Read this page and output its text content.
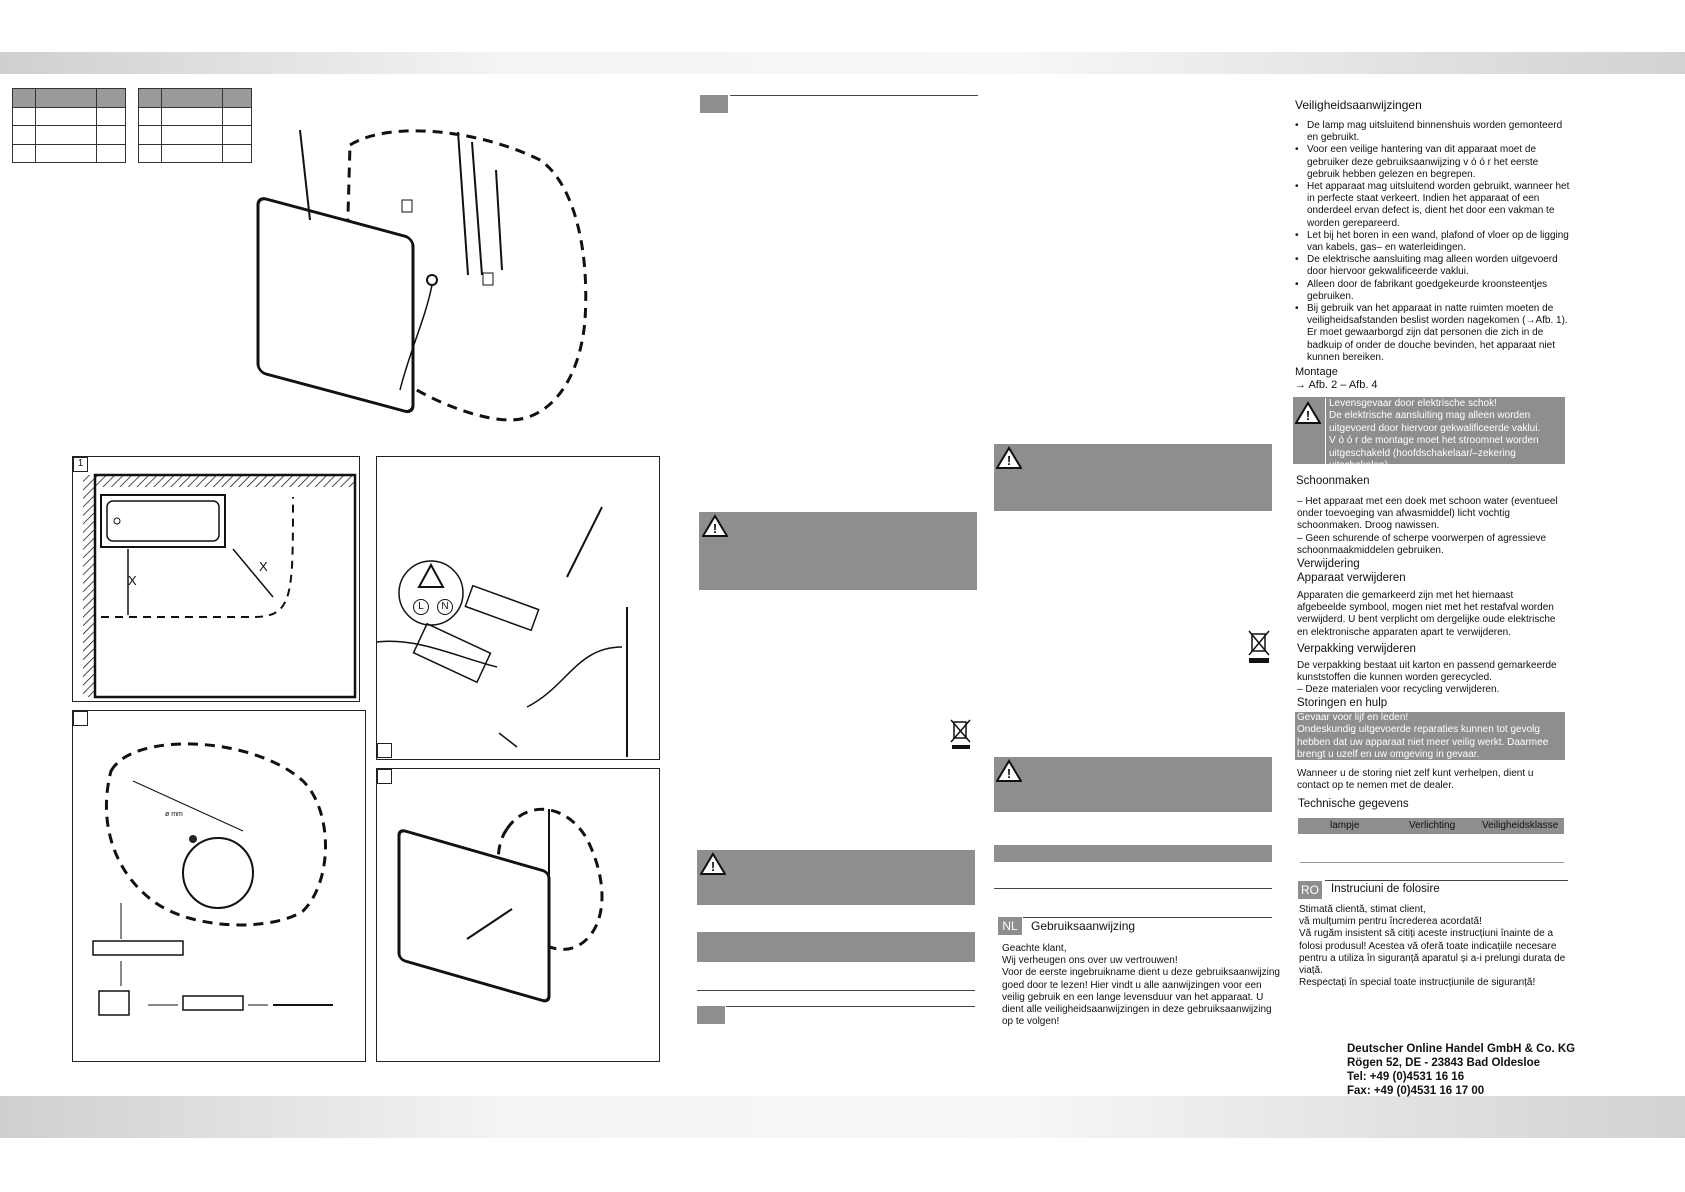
1
X
X
L	N
ø mm
!
!
!
!
NL	Gebruiksaanwijzing
Geachte klant,
Wij verheugen ons over uw vertrouwen!
Voor de eerste ingebruikname dient u deze gebruiksaanwijzing goed door te lezen! Hier vindt u alle aanwijzingen voor een veilig gebruik en een lange levensduur van het apparaat. U dient alle veiligheidsaanwijzingen in deze gebruiksaanwijzing op te volgen!
Veiligheidsaanwijzingen
• De lamp mag uitsluitend binnenshuis worden gemonteerd en gebruikt.
• Voor een veilige hantering van dit apparaat moet de gebruiker deze gebruiksaanwijzing v ó ó r het eerste gebruik hebben gelezen en begrepen.
• Het apparaat mag uitsluitend worden gebruikt, wanneer het in perfecte staat verkeert. Indien het apparaat of een onderdeel ervan defect is, dient het door een vakman te worden gerepareerd.
• Let bij het boren in een wand, plafond of vloer op de ligging van kabels, gas– en waterleidingen.
• De elektrische aansluiting mag alleen worden uitgevoerd door hiervoor gekwalificeerde vaklui.
• Alleen door de fabrikant goedgekeurde kroonsteentjes gebruiken.
• Bij gebruik van het apparaat in natte ruimten moeten de veiligheidsafstanden beslist worden nagekomen (→Afb. 1). Er moet gewaarborgd zijn dat personen die zich in de badkuip of onder de douche bevinden, het apparaat niet kunnen bereiken.
Montage
→ Afb. 2 – Afb. 4
!
Levensgevaar door elektrische schok!
De elektrische aansluiting mag alleen worden uitgevoerd door hiervoor gekwalificeerde vaklui.
V ó ó r de montage moet het stroomnet worden uitgeschakeld (hoofdschakelaar/–zekering uitschakelen).
Schoonmaken
– Het apparaat met een doek met schoon water (eventueel onder toevoeging van afwasmiddel) licht vochtig schoonmaken. Droog nawissen.
– Geen schurende of scherpe voorwerpen of agressieve schoonmaakmiddelen gebruiken.
Verwijdering
Apparaat verwijderen
Apparaten die gemarkeerd zijn met het hiernaast afgebeelde symbool, mogen niet met het restafval worden verwijderd. U bent verplicht om dergelijke oude elektrische en elektronische apparaten apart te verwijderen.
Verpakking verwijderen
De verpakking bestaat uit karton en passend gemarkeerde kunststoffen die kunnen worden gerecycled.
– Deze materialen voor recycling verwijderen.
Storingen en hulp
Gevaar voor lijf en leden!
Ondeskundig uitgevoerde reparaties kunnen tot gevolg hebben dat uw apparaat niet meer veilig werkt. Daarmee brengt u uzelf en uw omgeving in gevaar.
Wanneer u de storing niet zelf kunt verhelpen, dient u contact op te nemen met de dealer.
Technische gegevens
lampje	Verlichting	Veiligheidsklasse
RO Instruciuni de folosire
Stimată clientă, stimat client,
vă mulțumim pentru încrederea acordată!
Vă rugăm insistent să citiți aceste instrucțiuni înainte de a folosi produsul! Acestea vă oferă toate indicațiile necesare pentru a utiliza în siguranță aparatul și a-i prelungi durata de viață.
Respectați în special toate instrucțiunile de siguranță!
Deutscher Online Handel GmbH & Co. KG
Rögen 52, DE - 23843 Bad Oldesloe
Tel: +49 (0)4531 16 16
Fax: +49 (0)4531 16 17 00
